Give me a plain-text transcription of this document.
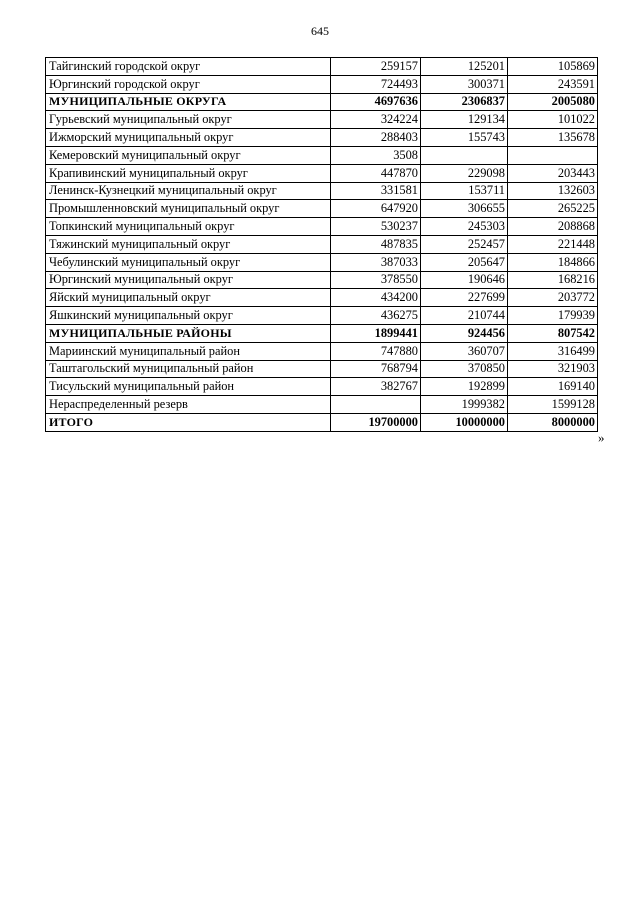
645
Тайгинский городской округ	259157	125201	105869
Юргинский городской округ	724493	300371	243591
МУНИЦИПАЛЬНЫЕ ОКРУГА	4697636	2306837	2005080
Гурьевский муниципальный округ	324224	129134	101022
Ижморский муниципальный округ	288403	155743	135678
Кемеровский муниципальный округ	3508		
Крапивинский муниципальный округ	447870	229098	203443
Ленинск-Кузнецкий муниципальный округ	331581	153711	132603
Промышленновский муниципальный округ	647920	306655	265225
Топкинский муниципальный округ	530237	245303	208868
Тяжинский муниципальный округ	487835	252457	221448
Чебулинский муниципальный округ	387033	205647	184866
Юргинский муниципальный округ	378550	190646	168216
Яйский муниципальный округ	434200	227699	203772
Яшкинский муниципальный округ	436275	210744	179939
МУНИЦИПАЛЬНЫЕ РАЙОНЫ	1899441	924456	807542
Мариинский муниципальный район	747880	360707	316499
Таштагольский муниципальный район	768794	370850	321903
Тисульский муниципальный район	382767	192899	169140
Нераспределенный резерв		1999382	1599128
ИТОГО	19700000	10000000	8000000
»
